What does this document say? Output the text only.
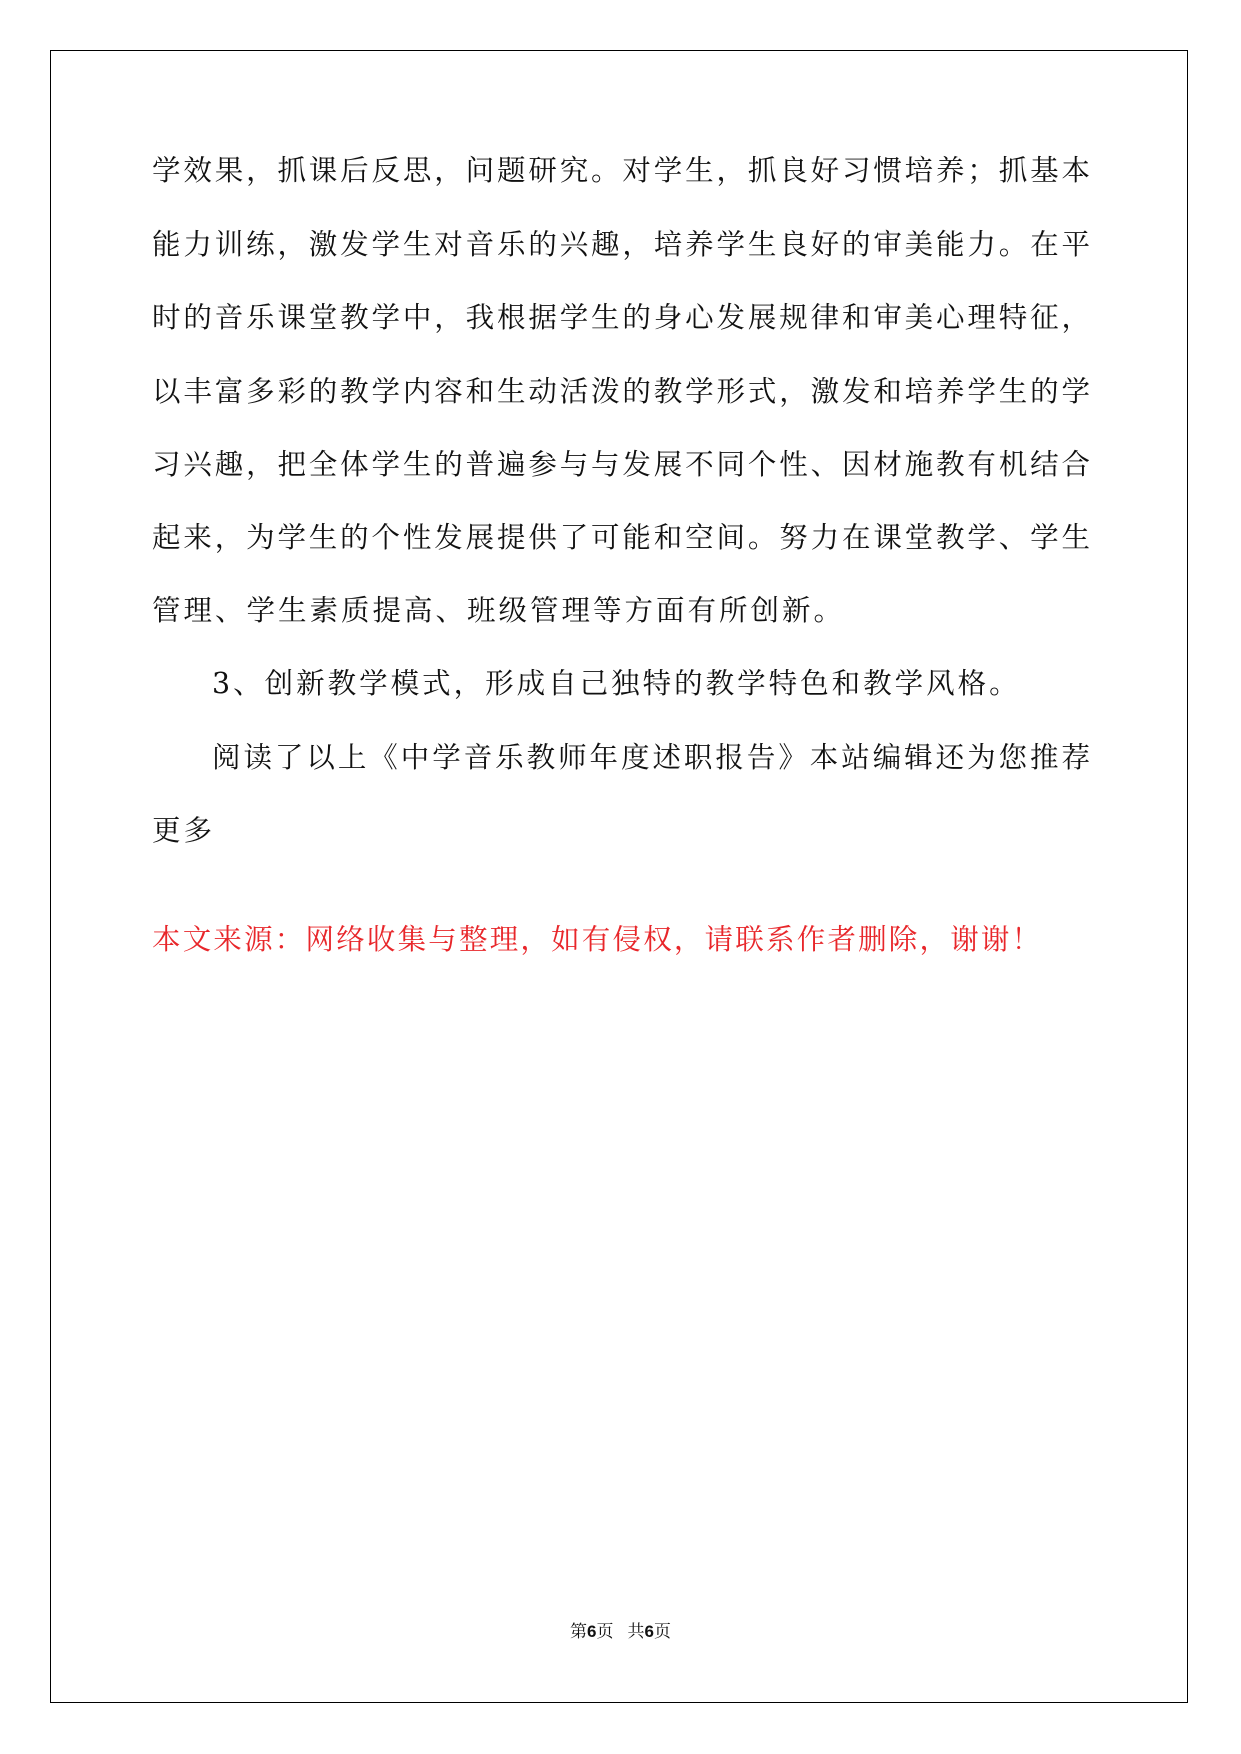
学效果，抓课后反思，问题研究。对学生，抓良好习惯培养；抓基本
能力训练，激发学生对音乐的兴趣，培养学生良好的审美能力。在平
时的音乐课堂教学中，我根据学生的身心发展规律和审美心理特征，
以丰富多彩的教学内容和生动活泼的教学形式，激发和培养学生的学
习兴趣，把全体学生的普遍参与与发展不同个性、因材施教有机结合
起来，为学生的个性发展提供了可能和空间。努力在课堂教学、学生
管理、学生素质提高、班级管理等方面有所创新。
3、创新教学模式，形成自己独特的教学特色和教学风格。
阅读了以上《中学音乐教师年度述职报告》本站编辑还为您推荐
更多
本文来源：网络收集与整理，如有侵权，请联系作者删除，谢谢！
第6页 共6页
